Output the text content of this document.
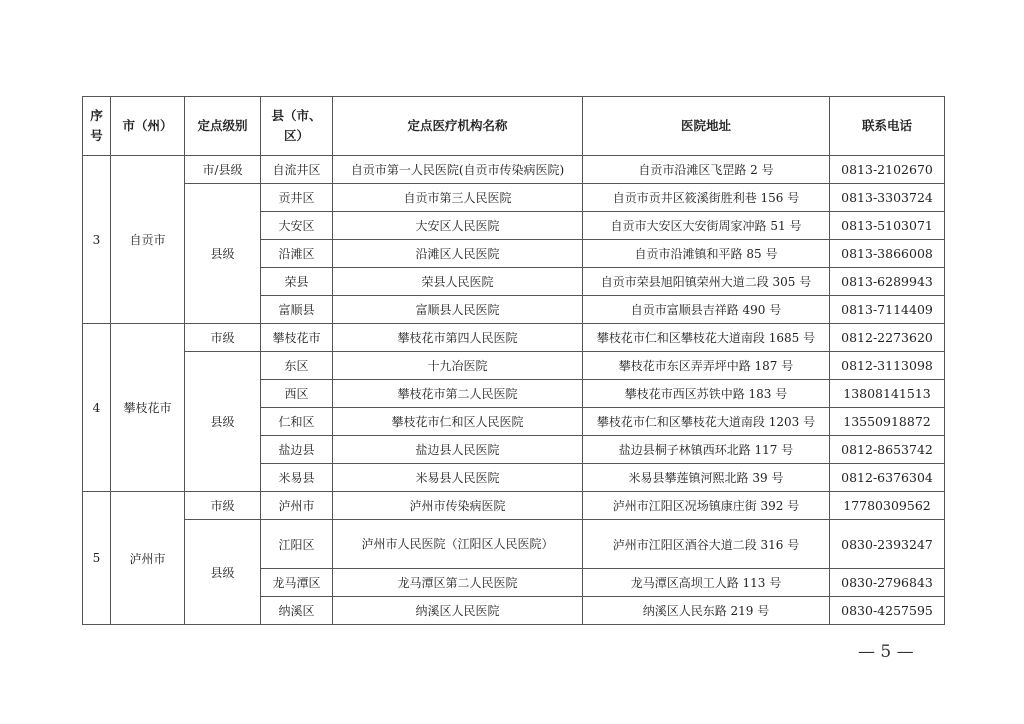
序号	市（州）	定点级别	县（市、区）	定点医疗机构名称	医院地址	联系电话
3	自贡市	市/县级	自流井区	自贡市第一人民医院(自贡市传染病医院)	自贡市沿滩区飞罡路 2 号	0813-2102670
		县级	贡井区	自贡市第三人民医院	自贡市贡井区筱溪街胜利巷 156 号	0813-3303724
			大安区	大安区人民医院	自贡市大安区大安街周家冲路 51 号	0813-5103071
			沿滩区	沿滩区人民医院	自贡市沿滩镇和平路 85 号	0813-3866008
			荣县	荣县人民医院	自贡市荣县旭阳镇荣州大道二段 305 号	0813-6289943
			富顺县	富顺县人民医院	自贡市富顺县吉祥路 490 号	0813-7114409
4	攀枝花市	市级	攀枝花市	攀枝花市第四人民医院	攀枝花市仁和区攀枝花大道南段 1685 号	0812-2273620
		县级	东区	十九冶医院	攀枝花市东区弄弄坪中路 187 号	0812-3113098
			西区	攀枝花市第二人民医院	攀枝花市西区苏铁中路 183 号	13808141513
			仁和区	攀枝花市仁和区人民医院	攀枝花市仁和区攀枝花大道南段 1203 号	13550918872
			盐边县	盐边县人民医院	盐边县桐子林镇西环北路 117 号	0812-8653742
			米易县	米易县人民医院	米易县攀莲镇河熙北路 39 号	0812-6376304
5	泸州市	市级	泸州市	泸州市传染病医院	泸州市江阳区况场镇康庄街 392 号	17780309562
		县级	江阳区	泸州市人民医院（江阳区人民医院）	泸州市江阳区酒谷大道二段 316 号	0830-2393247
			龙马潭区	龙马潭区第二人民医院	龙马潭区高坝工人路 113 号	0830-2796843
			纳溪区	纳溪区人民医院	纳溪区人民东路 219 号	0830-4257595
— 5 —
